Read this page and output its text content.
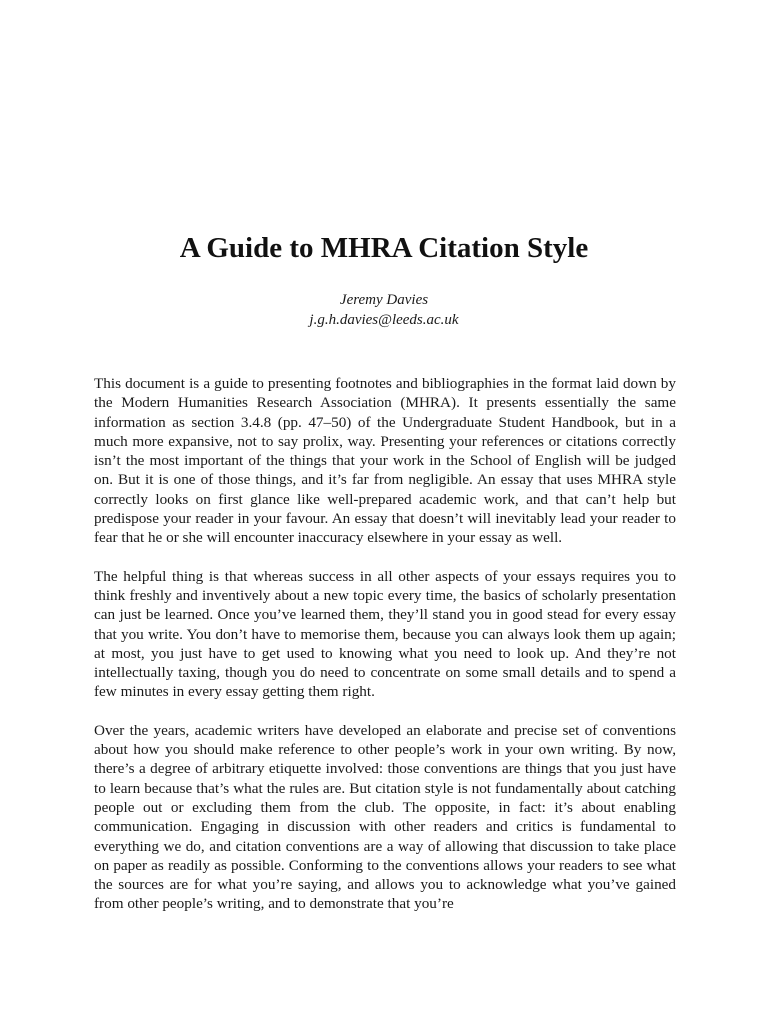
A Guide to MHRA Citation Style
Jeremy Davies
j.g.h.davies@leeds.ac.uk

This document is a guide to presenting footnotes and bibliographies in the format laid down by the Modern Humanities Research Association (MHRA). It presents essentially the same information as section 3.4.8 (pp. 47–50) of the Undergraduate Student Handbook, but in a much more expansive, not to say prolix, way. Presenting your references or citations correctly isn’t the most important of the things that your work in the School of English will be judged on. But it is one of those things, and it’s far from negligible. An essay that uses MHRA style correctly looks on first glance like well-prepared academic work, and that can’t help but predispose your reader in your favour. An essay that doesn’t will inevitably lead your reader to fear that he or she will encounter inaccuracy elsewhere in your essay as well.

The helpful thing is that whereas success in all other aspects of your essays requires you to think freshly and inventively about a new topic every time, the basics of scholarly presentation can just be learned. Once you’ve learned them, they’ll stand you in good stead for every essay that you write. You don’t have to memorise them, because you can always look them up again; at most, you just have to get used to knowing what you need to look up. And they’re not intellectually taxing, though you do need to concentrate on some small details and to spend a few minutes in every essay getting them right.

Over the years, academic writers have developed an elaborate and precise set of conventions about how you should make reference to other people’s work in your own writing. By now, there’s a degree of arbitrary etiquette involved: those conventions are things that you just have to learn because that’s what the rules are. But citation style is not fundamentally about catching people out or excluding them from the club. The opposite, in fact: it’s about enabling communication. Engaging in discussion with other readers and critics is fundamental to everything we do, and citation conventions are a way of allowing that discussion to take place on paper as readily as possible. Conforming to the conventions allows your readers to see what the sources are for what you’re saying, and allows you to acknowledge what you’ve gained from other people’s writing, and to demonstrate that you’re
